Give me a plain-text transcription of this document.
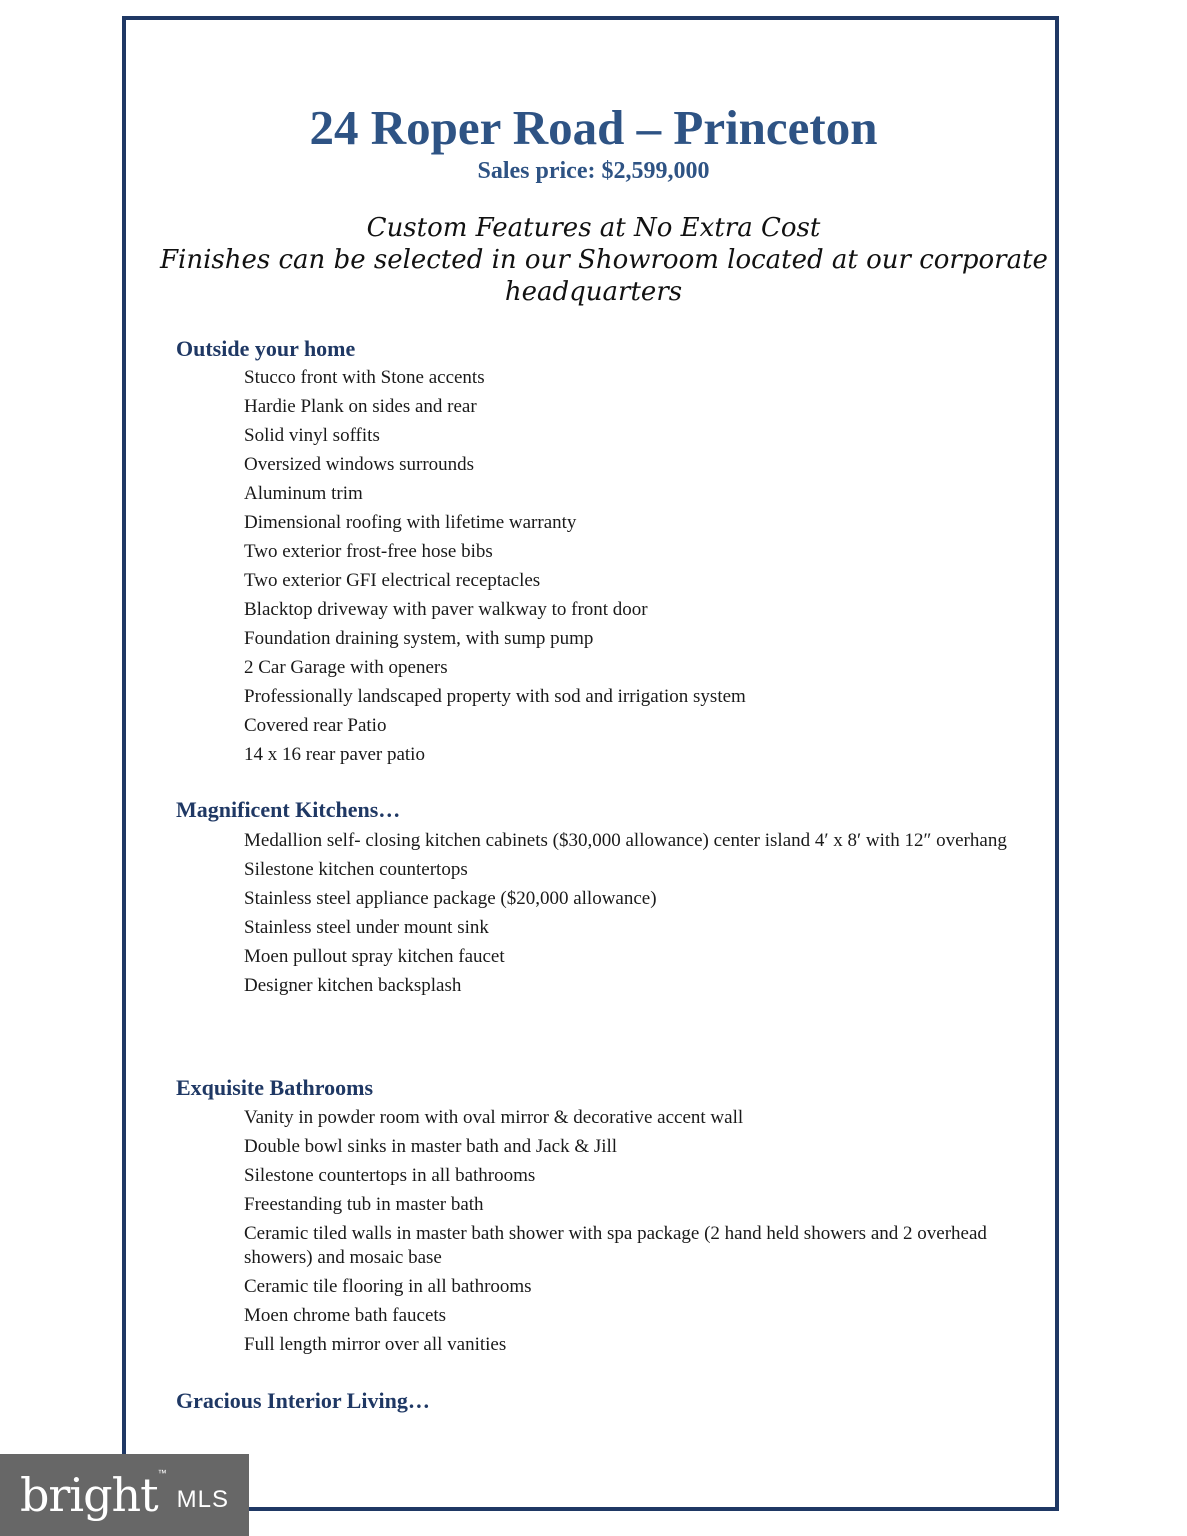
24 Roper Road – Princeton
Sales price: $2,599,000
Custom Features at No Extra Cost
Finishes can be selected in our Showroom located at our corporate
headquarters
Outside your home
Stucco front with Stone accents
Hardie Plank on sides and rear
Solid vinyl soffits
Oversized windows surrounds
Aluminum trim
Dimensional roofing with lifetime warranty
Two exterior frost-free hose bibs
Two exterior GFI electrical receptacles
Blacktop driveway with paver walkway to front door
Foundation draining system, with sump pump
2 Car Garage with openers
Professionally landscaped property with sod and irrigation system
Covered rear Patio
14 x 16 rear paver patio
Magnificent Kitchens…
Medallion self- closing kitchen cabinets ($30,000 allowance) center island 4′ x 8′ with 12″ overhang
Silestone kitchen countertops
Stainless steel appliance package ($20,000 allowance)
Stainless steel under mount sink
Moen pullout spray kitchen faucet
Designer kitchen backsplash
Exquisite Bathrooms
Vanity in powder room with oval mirror & decorative accent wall
Double bowl sinks in master bath and Jack & Jill
Silestone countertops in all bathrooms
Freestanding tub in master bath
Ceramic tiled walls in master bath shower with spa package (2 hand held showers and 2 overhead showers) and mosaic base
Ceramic tile flooring in all bathrooms
Moen chrome bath faucets
Full length mirror over all vanities
Gracious Interior Living…
bright ™
MLS
